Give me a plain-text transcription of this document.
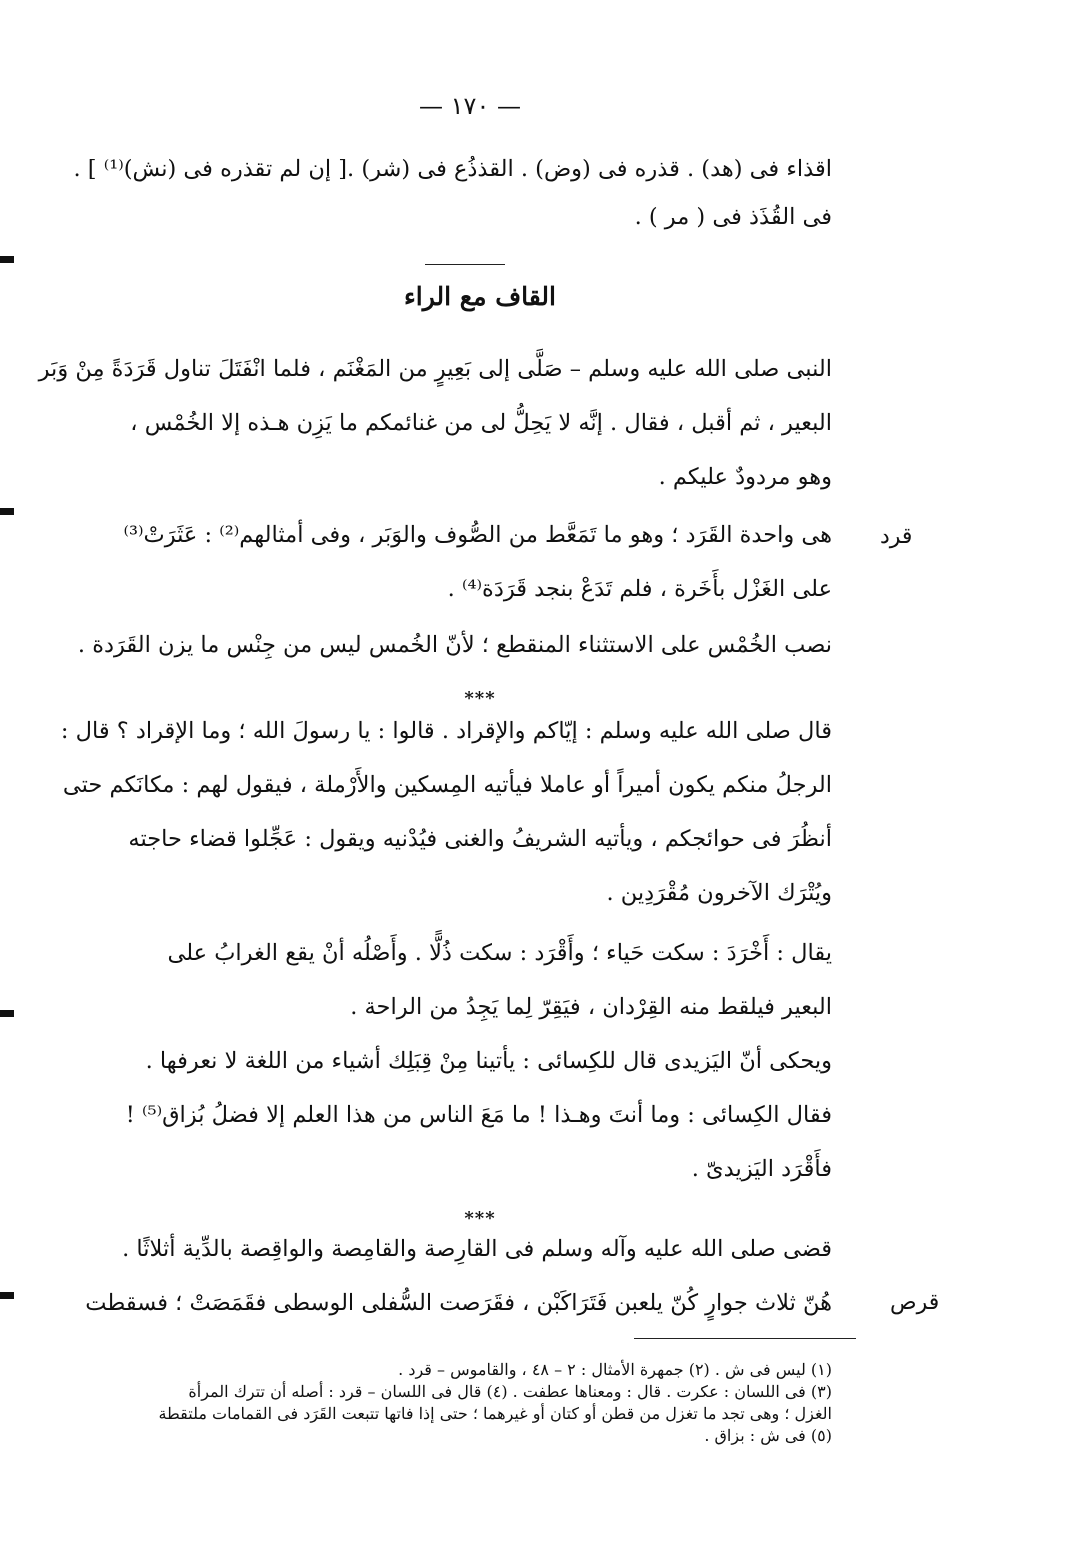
— ١٧٠ —
اقذاء فى (هد) . قذره فى (وض) . القذذُع فى (شر) .[ إن لم تقذره فى (نش)⁽¹⁾ ] .
فى القُذَذ فى ( مر ) .
القاف مع الراء
النبى صلى الله عليه وسلم – صَلَّى إلى بَعِيرٍ من المَغْنَم ، فلما انْفَتَلَ تناول قَرَدَةً مِنْ وَبَر
البعير ، ثم أقبل ، فقال . إنَّه لا يَحِلُّ لى من غنائمكم ما يَزِن هـذه إلا الخُمْس ،
وهو مردودٌ عليكم .
قرد
هى واحدة القَرَد ؛ وهو ما تَمَعَّط من الصُّوف والوَبَر ، وفى أمثالهم⁽²⁾ : عَثَرَتْ⁽³⁾
على الغَزْل بأَخَرة ، فلم تَدَعْ بنجد قَرَدَة⁽⁴⁾ .
نصب الخُمْس على الاستثناء المنقطع ؛ لأنّ الخُمس ليس من جِنْس ما يزن القَرَدة .
***
قال صلى الله عليه وسلم : إيّاكم والإقراد . قالوا : يا رسولَ الله ؛ وما الإقراد ؟ قال :
الرجلُ منكم يكون أميراً أو عاملا فيأتيه المِسكين والأَرْملة ، فيقول لهم : مكانَكم حتى
أنظُرَ فى حوائجكم ، ويأتيه الشريفُ والغنى فيُدْنيه ويقول : عَجِّلوا قضاء حاجته
ويُتْرَك الآخرون مُقْرَدِين .
يقال : أَخْرَدَ : سكت حَياء ؛ وأَقْرَد : سكت ذُلًّا . وأَصْلُه أنْ يقع الغرابُ على
البعير فيلقط منه القِرْدان ، فيَقِرّ لِما يَجِدُ من الراحة .
ويحكى أنّ اليَزيدى قال للكِسائى : يأتينا مِنْ قِبَلِك أشياء من اللغة لا نعرفها .
فقال الكِسائى : وما أنتَ وهـذا ! ما مَعَ الناس من هذا العلم إلا فضلُ بُزاق⁽⁵⁾ !
فأَقْرَد اليَزيدىّ .
***
قضى صلى الله عليه وآله وسلم فى القارِصة والقامِصة والواقِصة بالدِّية أثلاثًا .
هُنّ ثلاث جوارٍ كُنّ يلعبن فَتَرَاكَبْن ، فقَرَصت السُّفلى الوسطى فقَمَصَتْ ؛ فسقطت	قرص
(١) ليس فى ش . (٢) جمهرة الأمثال : ٢ – ٤٨ ، والقاموس – قرد .
(٣) فى اللسان : عكرت . قال : ومعناها عطفت . (٤) قال فى اللسان – قرد : أصله أن تترك المرأة
الغزل ؛ وهى تجد ما تغزل من قطن أو كتان أو غيرهما ؛ حتى إذا فاتها تتبعت القَرَد فى القمامات ملتقطة
(٥) فى ش : بزاق .
